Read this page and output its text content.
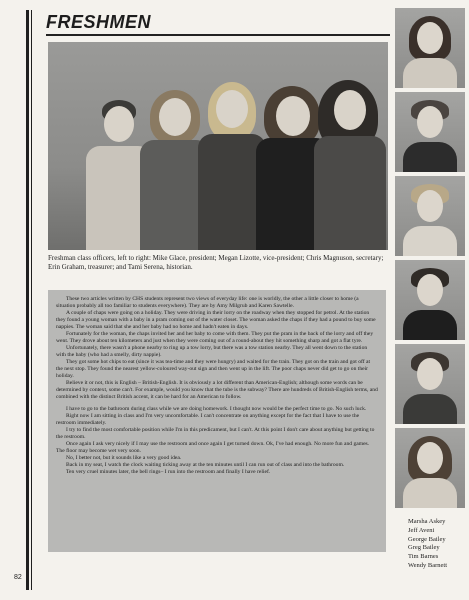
FRESHMEN
Freshman class officers, left to right: Mike Glace, president; Megan Lizotte, vice-president; Chris Magnuson, secretary; Erin Graham, treasurer; and Tami Serena, historian.

These two articles written by CHS students represent two views of everyday life: one is worldly, the other a little closer to home (a situation probably all too familiar to students everywhere). They are by Amy Milgrub and Karen Sawtelle.

A couple of chaps were going on a holiday. They were driving in their lorry on the roadway when they stopped for petrol. At the station they found a young woman with a baby in a pram coming out of the water closet. The woman asked the chaps if they had a pound to buy some nappies. The woman said that she and her baby had no home and hadn't eaten in days.

Fortunately for the woman, the chaps invited her and her baby to come with them. They put the pram in the back of the lorry and off they went. They drove about ten kilometers and just when they were coming out of a round-about they hit something sharp and got a flat tyre.

Unfortunately, there wasn't a phone nearby to ring up a tow lorry, but there was a tow station nearby. They all went down to the station with the baby (who had a smelly, dirty nappie).

They got some hot chips to eat (since it was tea-time and they were hungry) and waited for the train. They got on the train and got off at the next stop. They found the nearest yellow-coloured way-out sign and then went up in the lift. The poor chaps never did get to go on their holiday.

Believe it or not, this is English – British-English. It is obviously a lot different than American-English; although some words can be determined by context, some can't. For example, would you know that the tube is the subway? There are hundreds of British-English terms, and combined with the distinct British accent, it can be hard for an American to follow.

I have to go to the bathroom during class while we are doing homework. I thought now would be the perfect time to go. No such luck.

Right now I am sitting in class and I'm very uncomfortable. I can't concentrate on anything except for the fact that I have to use the restroom immediately.

I try to find the most comfortable position while I'm in this predicament, but I can't. At this point I don't care about anything but getting to the restroom.

Once again I ask very nicely if I may use the restroom and once again I get turned down. Ok, I've had enough. No more fun and games. The floor may become wet very soon.

No, I better not, but it sounds like a very good idea.

Back in my seat, I watch the clock waiting ticking away at the ten minutes until I can run out of class and into the bathroom.

Ten very cruel minutes later, the bell rings– I run into the restroom and finally I have relief.

Marsha Askey
Jeff Aveni
George Bailey
Greg Bailey
Tim Barnes
Wendy Barnett
82
